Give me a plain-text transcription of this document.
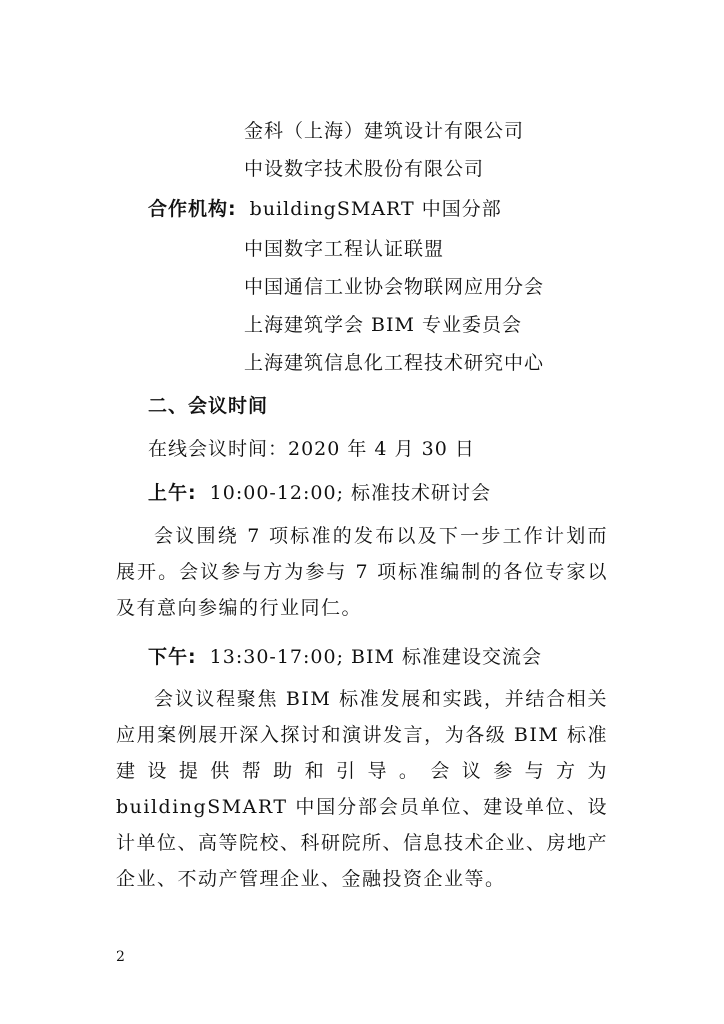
金科（上海）建筑设计有限公司
中设数字技术股份有限公司
合作机构: buildingSMART 中国分部
中国数字工程认证联盟
中国通信工业协会物联网应用分会
上海建筑学会 BIM 专业委员会
上海建筑信息化工程技术研究中心
二、会议时间
在线会议时间：2020 年 4 月 30 日
上午: 10:00-12:00; 标准技术研讨会

会议围绕 7 项标准的发布以及下一步工作计划而展开。会议参与方为参与 7 项标准编制的各位专家以及有意向参编的行业同仁。

下午: 13:30-17:00; BIM 标准建设交流会

会议议程聚焦 BIM 标准发展和实践，并结合相关应用案例展开深入探讨和演讲发言，为各级 BIM 标准建设提供帮助和引导。会议参与方为 buildingSMART 中国分部会员单位、建设单位、设计单位、高等院校、科研院所、信息技术企业、房地产企业、不动产管理企业、金融投资企业等。

2
